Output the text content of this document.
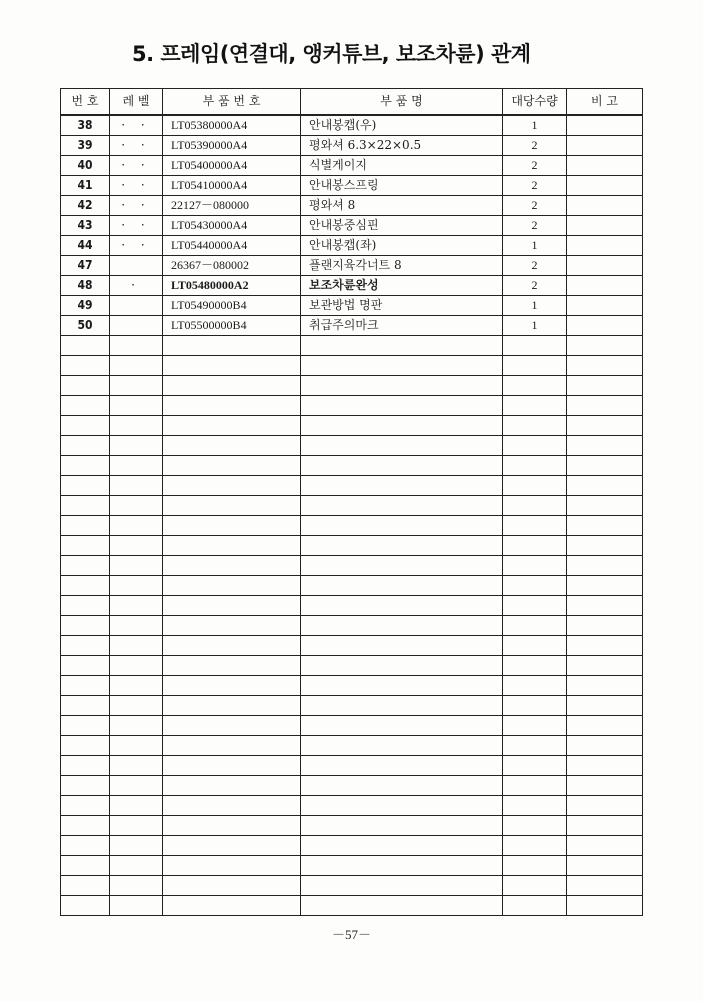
5. 프레임(연결대, 앵커튜브, 보조차륜) 관계
번 호	레 벨	부 품 번 호	부 품 명	대당수량	비 고
38	· ·	LT05380000A4	안내봉캡(우)	1	
39	· ·	LT05390000A4	평와셔 6.3×22×0.5	2	
40	· ·	LT05400000A4	식별게이지	2	
41	· ·	LT05410000A4	안내봉스프링	2	
42	· ·	22127－080000	평와셔 8	2	
43	· ·	LT05430000A4	안내봉중심핀	2	
44	· ·	LT05440000A4	안내봉캡(좌)	1	
47		26367－080002	플랜지육각너트 8	2	
48	·	LT05480000A2	보조차륜완성	2	
49		LT05490000B4	보관방법 명판	1	
50		LT05500000B4	취급주의마크	1	

－57－
